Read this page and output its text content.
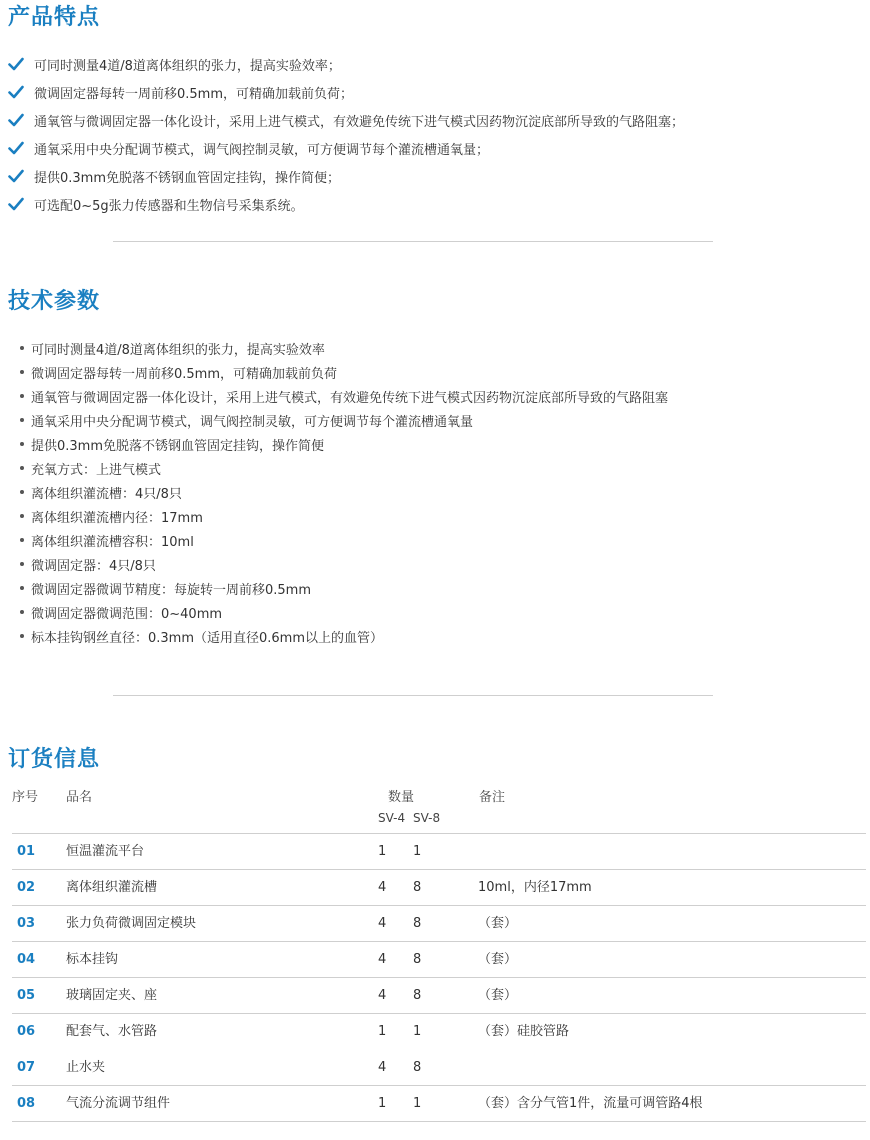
产品特点
可同时测量4道/8道离体组织的张力，提高实验效率；
微调固定器每转一周前移0.5mm，可精确加载前负荷；
通氧管与微调固定器一体化设计，采用上进气模式，有效避免传统下进气模式因药物沉淀底部所导致的气路阻塞；
通氧采用中央分配调节模式，调气阀控制灵敏，可方便调节每个灌流槽通氧量；
提供0.3mm免脱落不锈钢血管固定挂钩，操作简便；
可选配0~5g张力传感器和生物信号采集系统。
技术参数
可同时测量4道/8道离体组织的张力，提高实验效率
微调固定器每转一周前移0.5mm，可精确加载前负荷
通氧管与微调固定器一体化设计，采用上进气模式，有效避免传统下进气模式因药物沉淀底部所导致的气路阻塞
通氧采用中央分配调节模式，调气阀控制灵敏，可方便调节每个灌流槽通氧量
提供0.3mm免脱落不锈钢血管固定挂钩，操作简便
充氧方式：上进气模式
离体组织灌流槽：4只/8只
离体组织灌流槽内径：17mm
离体组织灌流槽容积：10ml
微调固定器：4只/8只
微调固定器微调节精度：每旋转一周前移0.5mm
微调固定器微调范围：0~40mm
标本挂钩钢丝直径：0.3mm（适用直径0.6mm以上的血管）
订货信息
序号 品名	数量	备注
SV-4 SV-8
01 恒温灌流平台	1 1
02 离体组织灌流槽	4 8	10ml，内径17mm
03 张力负荷微调固定模块	4 8	（套）
04 标本挂钩	4 8	（套）
05 玻璃固定夹、座	4 8	（套）
06 配套气、水管路	1 1	（套）硅胶管路
07 止水夹	4 8
08 气流分流调节组件	1 1	（套）含分气管1件，流量可调管路4根
